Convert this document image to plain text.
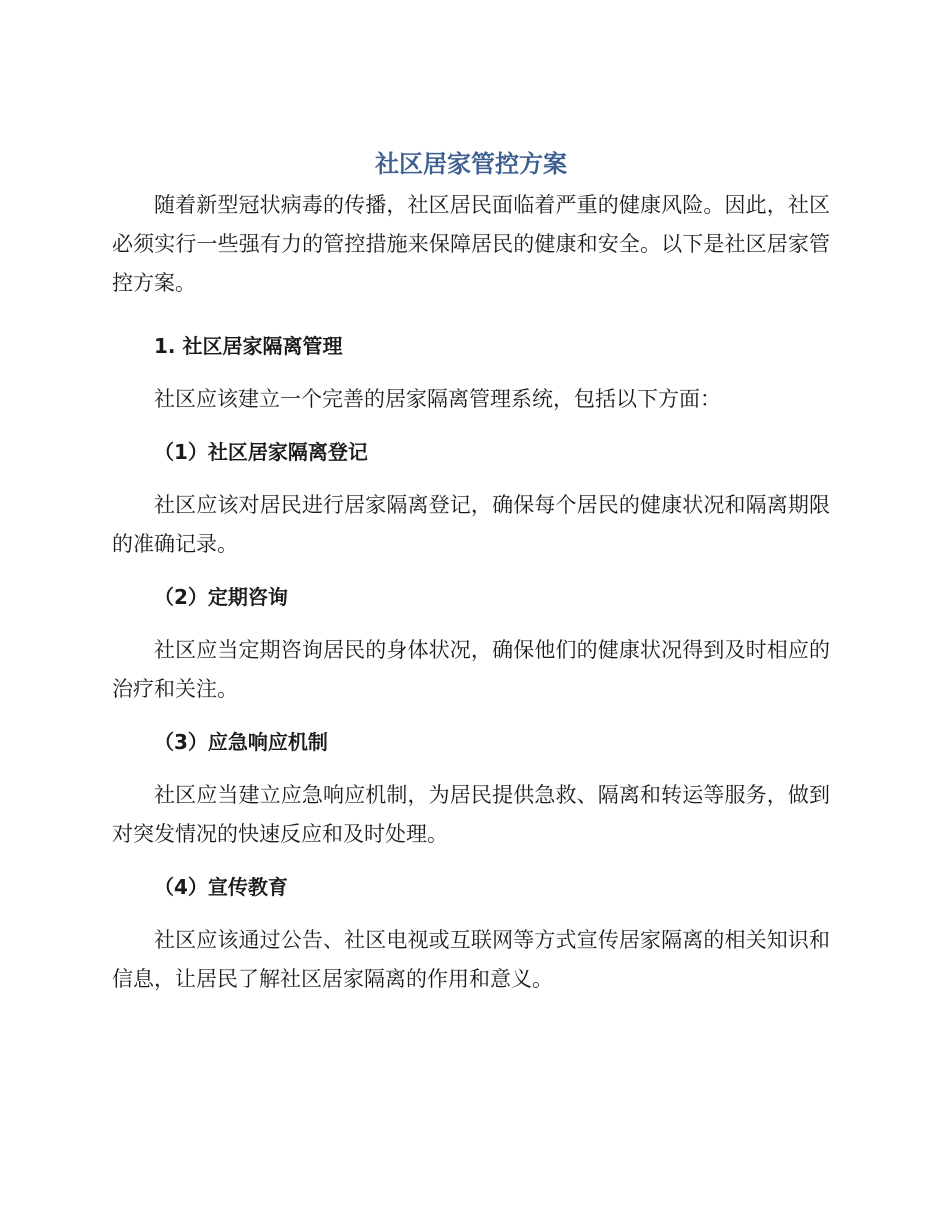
社区居家管控方案

随着新型冠状病毒的传播，社区居民面临着严重的健康风险。因此，社区必须实行一些强有力的管控措施来保障居民的健康和安全。以下是社区居家管控方案。

1. 社区居家隔离管理

社区应该建立一个完善的居家隔离管理系统，包括以下方面：

（1）社区居家隔离登记

社区应该对居民进行居家隔离登记，确保每个居民的健康状况和隔离期限的准确记录。

（2）定期咨询

社区应当定期咨询居民的身体状况，确保他们的健康状况得到及时相应的治疗和关注。

（3）应急响应机制

社区应当建立应急响应机制，为居民提供急救、隔离和转运等服务，做到对突发情况的快速反应和及时处理。

（4）宣传教育

社区应该通过公告、社区电视或互联网等方式宣传居家隔离的相关知识和信息，让居民了解社区居家隔离的作用和意义。
